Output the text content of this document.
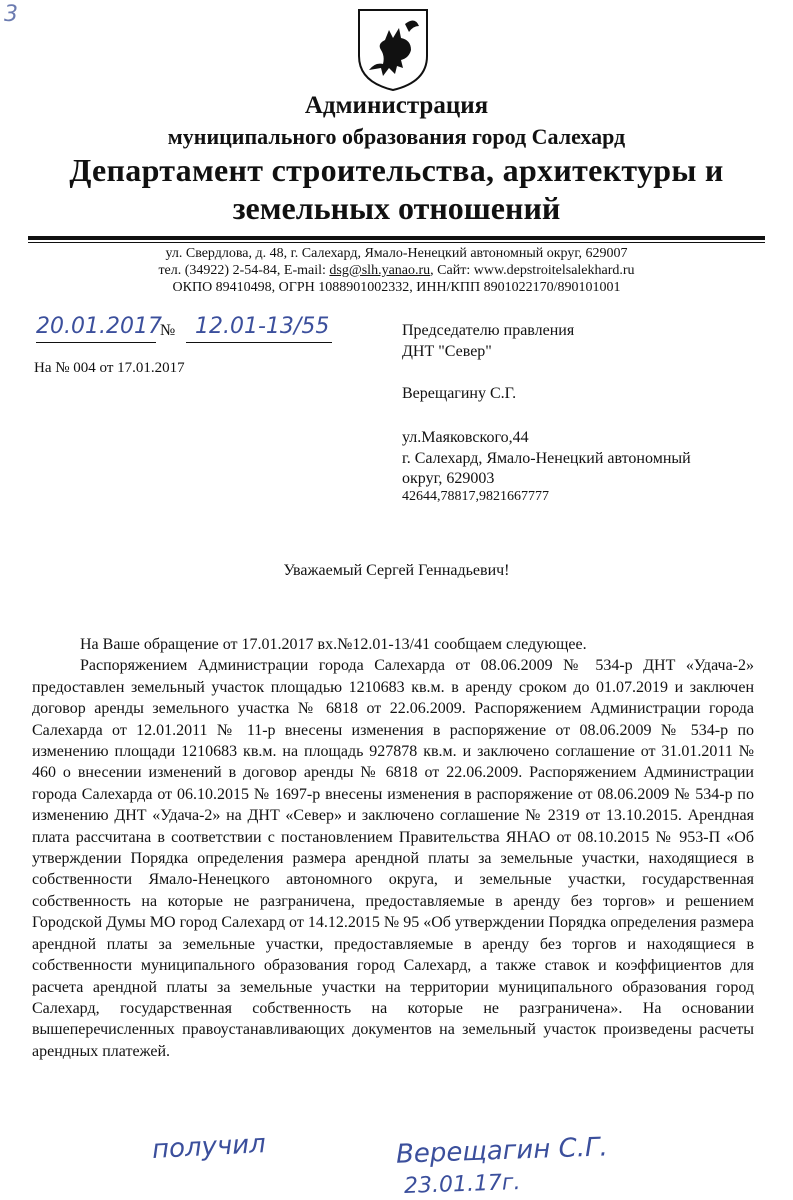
3
Администрация
муниципального образования город Салехард
Департамент строительства, архитектуры и
земельных отношений
ул. Свердлова, д. 48, г. Салехард, Ямало-Ненецкий автономный округ, 629007
тел. (34922) 2-54-84, E-mail: dsg@slh.yanao.ru, Сайт: www.depstroitelsalekhard.ru
ОКПО 89410498, ОГРН 1088901002332, ИНН/КПП 8901022170/890101001
20.01.2017
№ 12.01-13/55
На № 004 от 17.01.2017
Председателю правления
ДНТ "Север"
Верещагину С.Г.
ул.Маяковского,44
г. Салехард, Ямало-Ненецкий автономный
округ, 629003
42644,78817,9821667777
Уважаемый Сергей Геннадьевич!

На Ваше обращение от 17.01.2017 вх.№12.01-13/41 сообщаем следующее.

Распоряжением Администрации города Салехарда от 08.06.2009 № 534-р ДНТ «Удача-2» предоставлен земельный участок площадью 1210683 кв.м. в аренду сроком до 01.07.2019 и заключен договор аренды земельного участка № 6818 от 22.06.2009. Распоряжением Администрации города Салехарда от 12.01.2011 № 11-р внесены изменения в распоряжение от 08.06.2009 № 534-р по изменению площади 1210683 кв.м. на площадь 927878 кв.м. и заключено соглашение от 31.01.2011 № 460 о внесении изменений в договор аренды № 6818 от 22.06.2009. Распоряжением Администрации города Салехарда от 06.10.2015 № 1697-р внесены изменения в распоряжение от 08.06.2009 № 534-р по изменению ДНТ «Удача-2» на ДНТ «Север» и заключено соглашение № 2319 от 13.10.2015. Арендная плата рассчитана в соответствии с постановлением Правительства ЯНАО от 08.10.2015 № 953-П «Об утверждении Порядка определения размера арендной платы за земельные участки, находящиеся в собственности Ямало-Ненецкого автономного округа, и земельные участки, государственная собственность на которые не разграничена, предоставляемые в аренду без торгов» и решением Городской Думы МО город Салехард от 14.12.2015 № 95 «Об утверждении Порядка определения размера арендной платы за земельные участки, предоставляемые в аренду без торгов и находящиеся в собственности муниципального образования город Салехард, а также ставок и коэффициентов для расчета арендной платы за земельные участки на территории муниципального образования город Салехард, государственная собственность на которые не разграничена». На основании вышеперечисленных правоустанавливающих документов на земельный участок произведены расчеты арендных платежей.

получил	Верещагин С.Г.
23.01.17г.
